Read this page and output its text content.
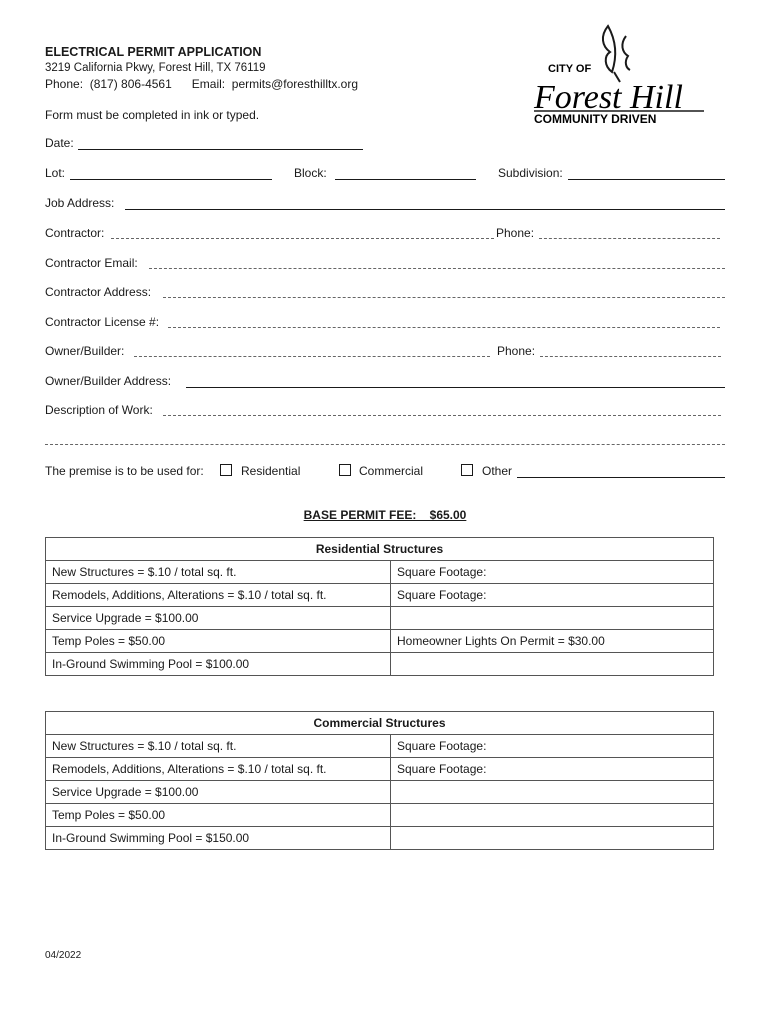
ELECTRICAL PERMIT APPLICATION
3219 California Pkwy, Forest Hill, TX 76119
Phone:  (817) 806-4561      Email:  permits@foresthilltx.org
Form must be completed in ink or typed.
CITY OF
Forest Hill
COMMUNITY DRIVEN
Date:
Lot:	Block:	Subdivision:
Job Address:
Contractor:	Phone:
Contractor Email:
Contractor Address:
Contractor License #:
Owner/Builder:	Phone:
Owner/Builder Address:
Description of Work:
The premise is to be used for:	Residential	Commercial	Other
BASE PERMIT FEE:    $65.00
Residential Structures	
New Structures = $.10 / total sq. ft.	Square Footage:
Remodels, Additions, Alterations = $.10 / total sq. ft.	Square Footage:
Service Upgrade = $100.00	
Temp Poles = $50.00	Homeowner Lights On Permit = $30.00
In-Ground Swimming Pool = $100.00	
Commercial Structures	
New Structures = $.10 / total sq. ft.	Square Footage:
Remodels, Additions, Alterations = $.10 / total sq. ft.	Square Footage:
Service Upgrade = $100.00	
Temp Poles = $50.00	
In-Ground Swimming Pool = $150.00	
04/2022
